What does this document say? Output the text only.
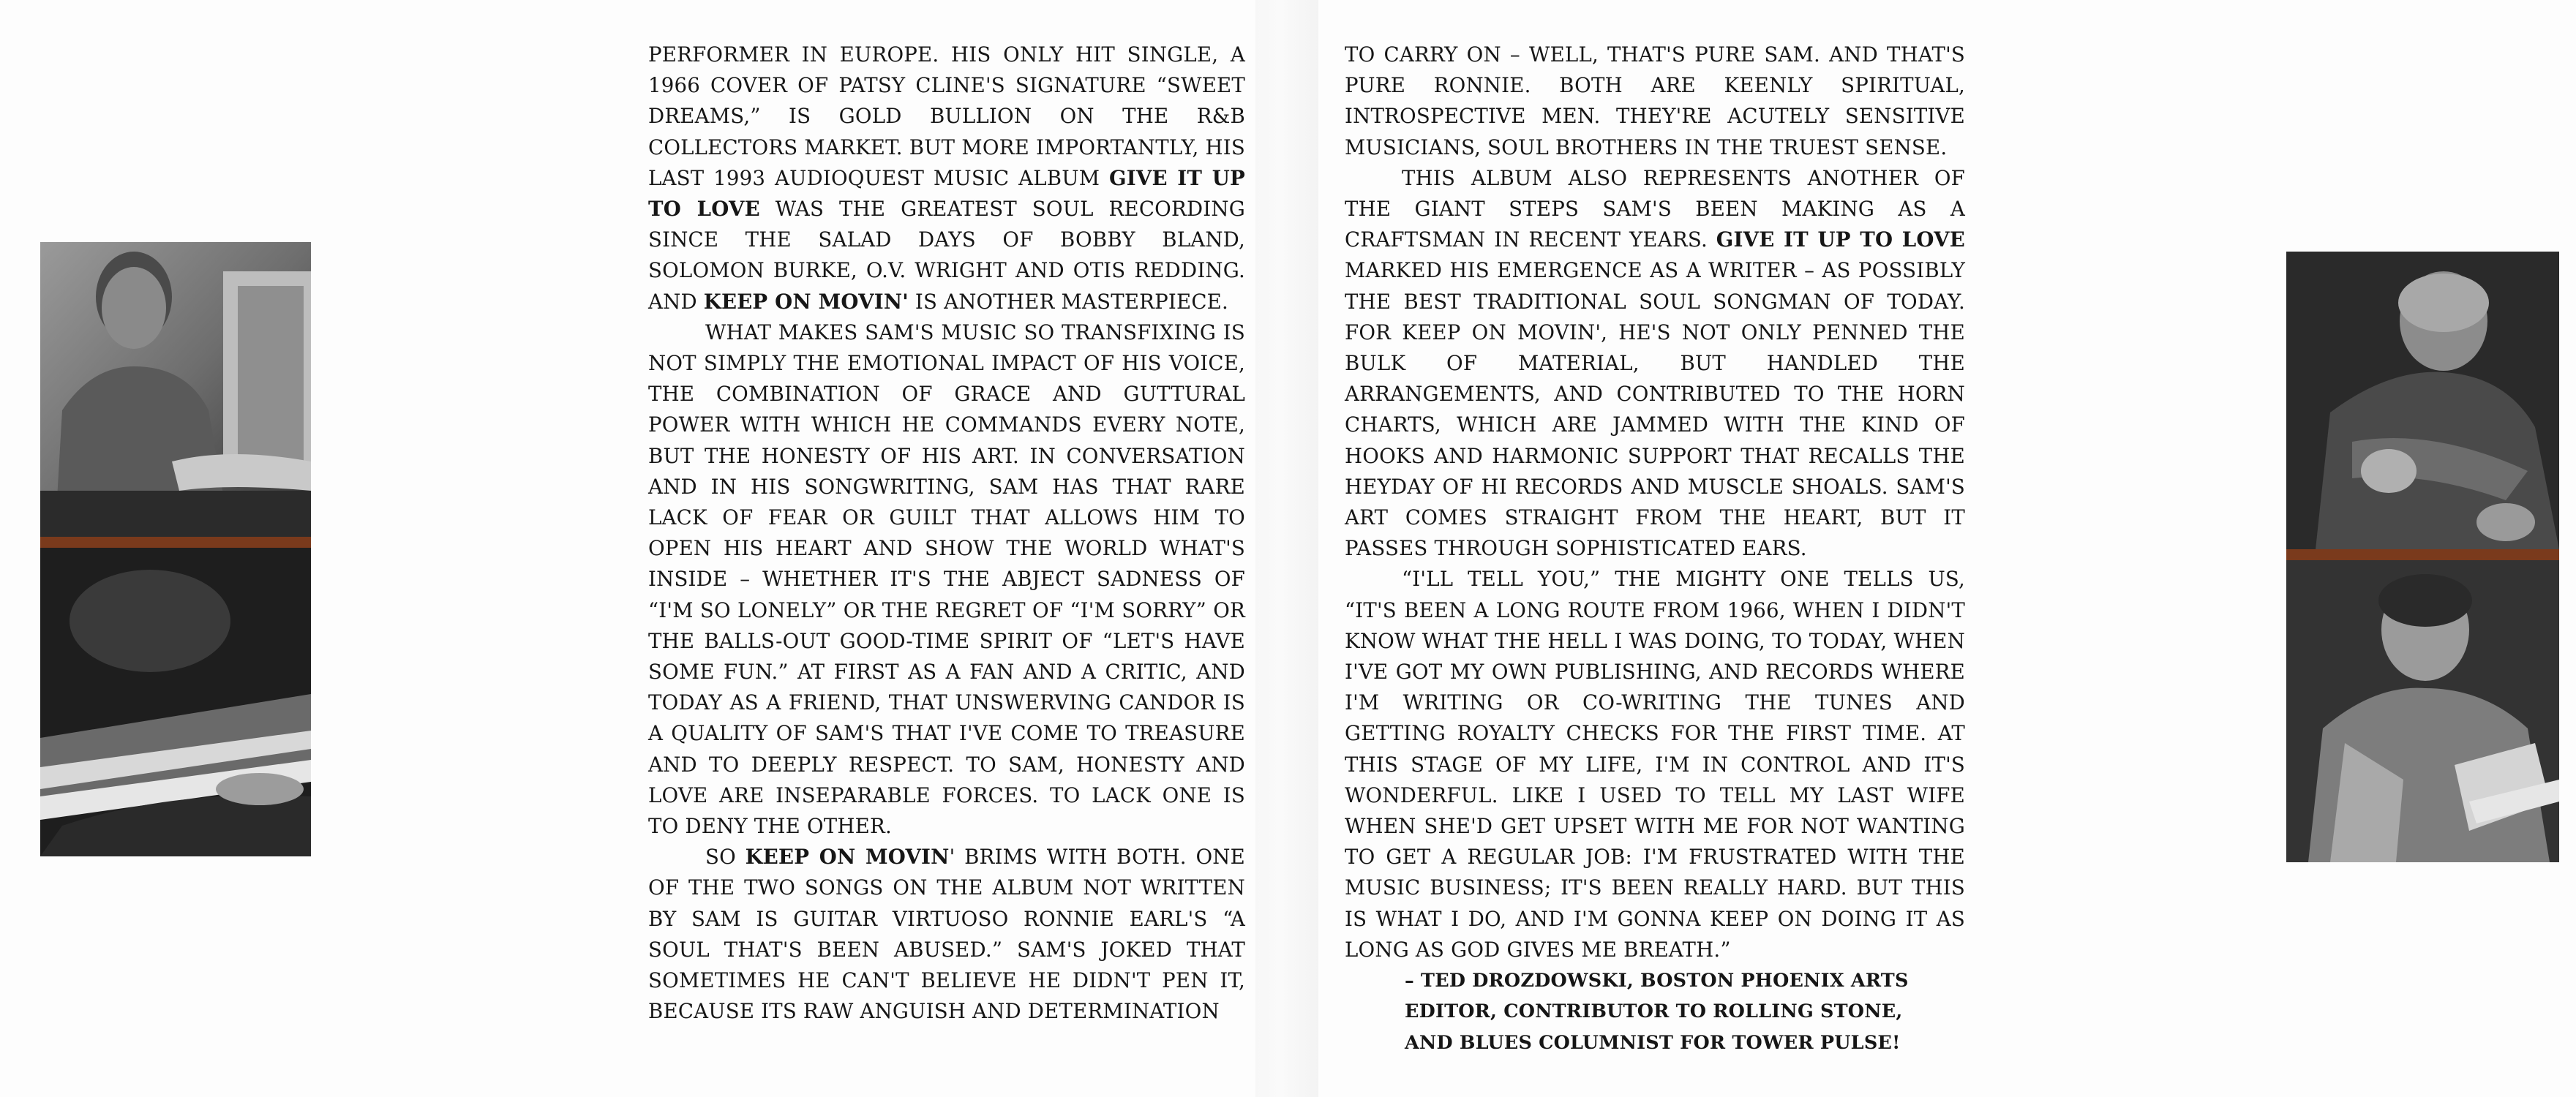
PERFORMER IN EUROPE. HIS ONLY HIT SINGLE, A 1966 COVER OF PATSY CLINE'S SIGNATURE “SWEET DREAMS,” IS GOLD BULLION ON THE R&B COLLECTORS MARKET. BUT MORE IMPORTANTLY, HIS LAST 1993 AUDIOQUEST MUSIC ALBUM GIVE IT UP TO LOVE WAS THE GREATEST SOUL RECORDING SINCE THE SALAD DAYS OF BOBBY BLAND, SOLOMON BURKE, O.V. WRIGHT AND OTIS REDDING. AND KEEP ON MOVIN' IS ANOTHER MASTERPIECE.

WHAT MAKES SAM'S MUSIC SO TRANSFIXING IS NOT SIMPLY THE EMOTIONAL IMPACT OF HIS VOICE, THE COMBINATION OF GRACE AND GUTTURAL POWER WITH WHICH HE COMMANDS EVERY NOTE, BUT THE HONESTY OF HIS ART. IN CONVERSATION AND IN HIS SONGWRITING, SAM HAS THAT RARE LACK OF FEAR OR GUILT THAT ALLOWS HIM TO OPEN HIS HEART AND SHOW THE WORLD WHAT'S INSIDE – WHETHER IT'S THE ABJECT SADNESS OF “I'M SO LONELY” OR THE REGRET OF “I'M SORRY” OR THE BALLS-OUT GOOD-TIME SPIRIT OF “LET'S HAVE SOME FUN.” AT FIRST AS A FAN AND A CRITIC, AND TODAY AS A FRIEND, THAT UNSWERVING CANDOR IS A QUALITY OF SAM'S THAT I'VE COME TO TREASURE AND TO DEEPLY RESPECT. TO SAM, HONESTY AND LOVE ARE INSEPARABLE FORCES. TO LACK ONE IS TO DENY THE OTHER.

SO KEEP ON MOVIN' BRIMS WITH BOTH. ONE OF THE TWO SONGS ON THE ALBUM NOT WRITTEN BY SAM IS GUITAR VIRTUOSO RONNIE EARL'S “A SOUL THAT'S BEEN ABUSED.” SAM'S JOKED THAT SOMETIMES HE CAN'T BELIEVE HE DIDN'T PEN IT, BECAUSE ITS RAW ANGUISH AND DETERMINATION

TO CARRY ON – WELL, THAT'S PURE SAM. AND THAT'S PURE RONNIE. BOTH ARE KEENLY SPIRITUAL, INTROSPECTIVE MEN. THEY'RE ACUTELY SENSITIVE MUSICIANS, SOUL BROTHERS IN THE TRUEST SENSE.

THIS ALBUM ALSO REPRESENTS ANOTHER OF THE GIANT STEPS SAM'S BEEN MAKING AS A CRAFTSMAN IN RECENT YEARS. GIVE IT UP TO LOVE MARKED HIS EMERGENCE AS A WRITER – AS POSSIBLY THE BEST TRADITIONAL SOUL SONGMAN OF TODAY. FOR KEEP ON MOVIN', HE'S NOT ONLY PENNED THE BULK OF MATERIAL, BUT HANDLED THE ARRANGEMENTS, AND CONTRIBUTED TO THE HORN CHARTS, WHICH ARE JAMMED WITH THE KIND OF HOOKS AND HARMONIC SUPPORT THAT RECALLS THE HEYDAY OF HI RECORDS AND MUSCLE SHOALS. SAM'S ART COMES STRAIGHT FROM THE HEART, BUT IT PASSES THROUGH SOPHISTICATED EARS.

“I'LL TELL YOU,” THE MIGHTY ONE TELLS US, “IT'S BEEN A LONG ROUTE FROM 1966, WHEN I DIDN'T KNOW WHAT THE HELL I WAS DOING, TO TODAY, WHEN I'VE GOT MY OWN PUBLISHING, AND RECORDS WHERE I'M WRITING OR CO-WRITING THE TUNES AND GETTING ROYALTY CHECKS FOR THE FIRST TIME. AT THIS STAGE OF MY LIFE, I'M IN CONTROL AND IT'S WONDERFUL. LIKE I USED TO TELL MY LAST WIFE WHEN SHE'D GET UPSET WITH ME FOR NOT WANTING TO GET A REGULAR JOB: I'M FRUSTRATED WITH THE MUSIC BUSINESS; IT'S BEEN REALLY HARD. BUT THIS IS WHAT I DO, AND I'M GONNA KEEP ON DOING IT AS LONG AS GOD GIVES ME BREATH.”

– TED DROZDOWSKI, BOSTON PHOENIX ARTS

EDITOR, CONTRIBUTOR TO ROLLING STONE,

AND BLUES COLUMNIST FOR TOWER PULSE!
